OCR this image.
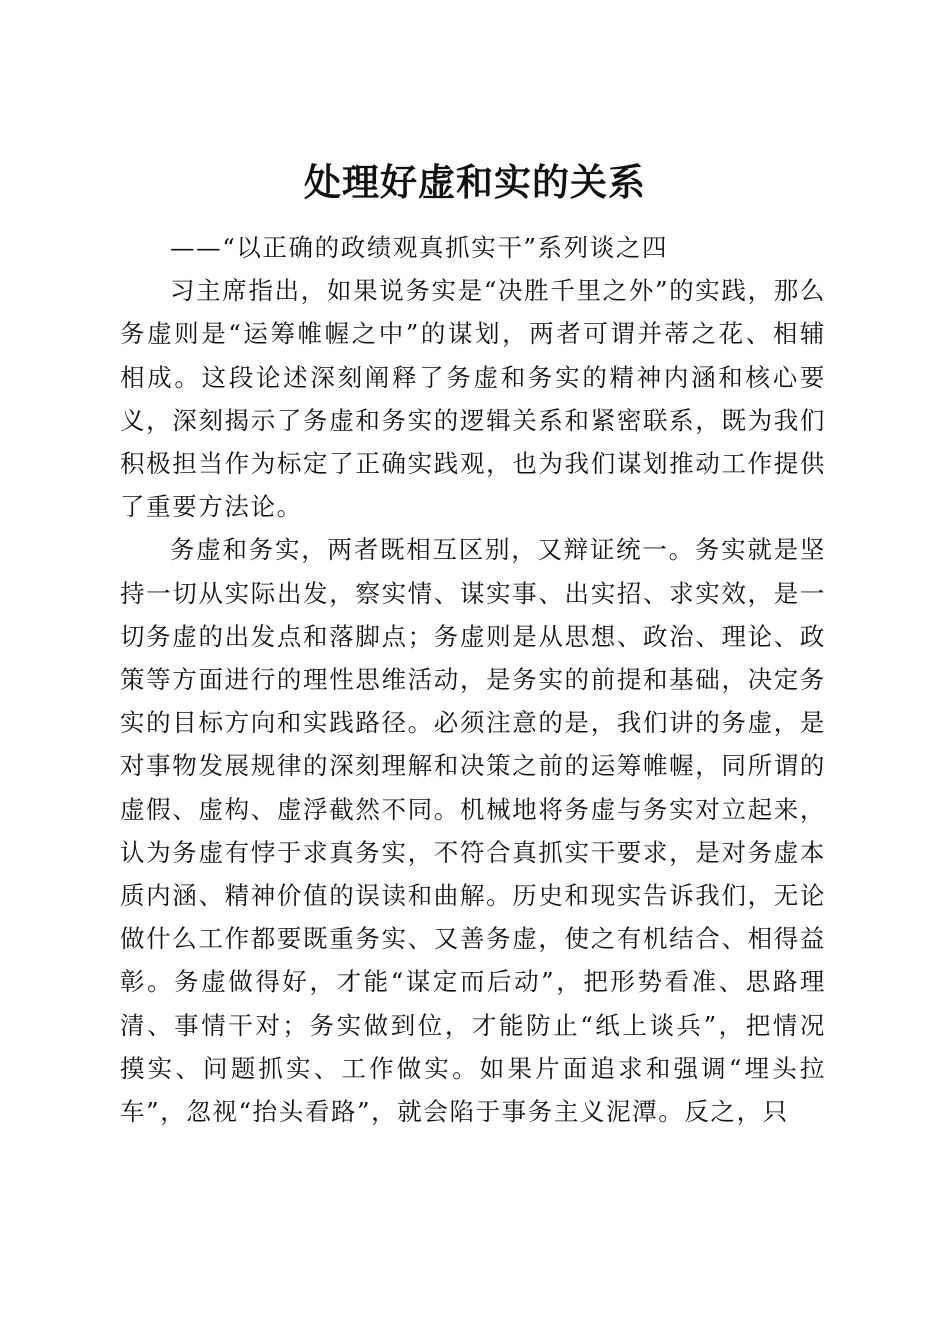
处理好虚和实的关系

——“以正确的政绩观真抓实干”系列谈之四

习主席指出，如果说务实是“决胜千里之外”的实践，那么务虚则是“运筹帷幄之中”的谋划，两者可谓并蒂之花、相辅相成。这段论述深刻阐释了务虚和务实的精神内涵和核心要义，深刻揭示了务虚和务实的逻辑关系和紧密联系，既为我们积极担当作为标定了正确实践观，也为我们谋划推动工作提供了重要方法论。

务虚和务实，两者既相互区别，又辩证统一。务实就是坚持一切从实际出发，察实情、谋实事、出实招、求实效，是一切务虚的出发点和落脚点；务虚则是从思想、政治、理论、政策等方面进行的理性思维活动，是务实的前提和基础，决定务实的目标方向和实践路径。必须注意的是，我们讲的务虚，是对事物发展规律的深刻理解和决策之前的运筹帷幄，同所谓的虚假、虚构、虚浮截然不同。机械地将务虚与务实对立起来，认为务虚有悖于求真务实，不符合真抓实干要求，是对务虚本质内涵、精神价值的误读和曲解。历史和现实告诉我们，无论做什么工作都要既重务实、又善务虚，使之有机结合、相得益彰。务虚做得好，才能“谋定而后动”，把形势看准、思路理清、事情干对；务实做到位，才能防止“纸上谈兵”，把情况摸实、问题抓实、工作做实。如果片面追求和强调“埋头拉车”，忽视“抬头看路”，就会陷于事务主义泥潭。反之，只
